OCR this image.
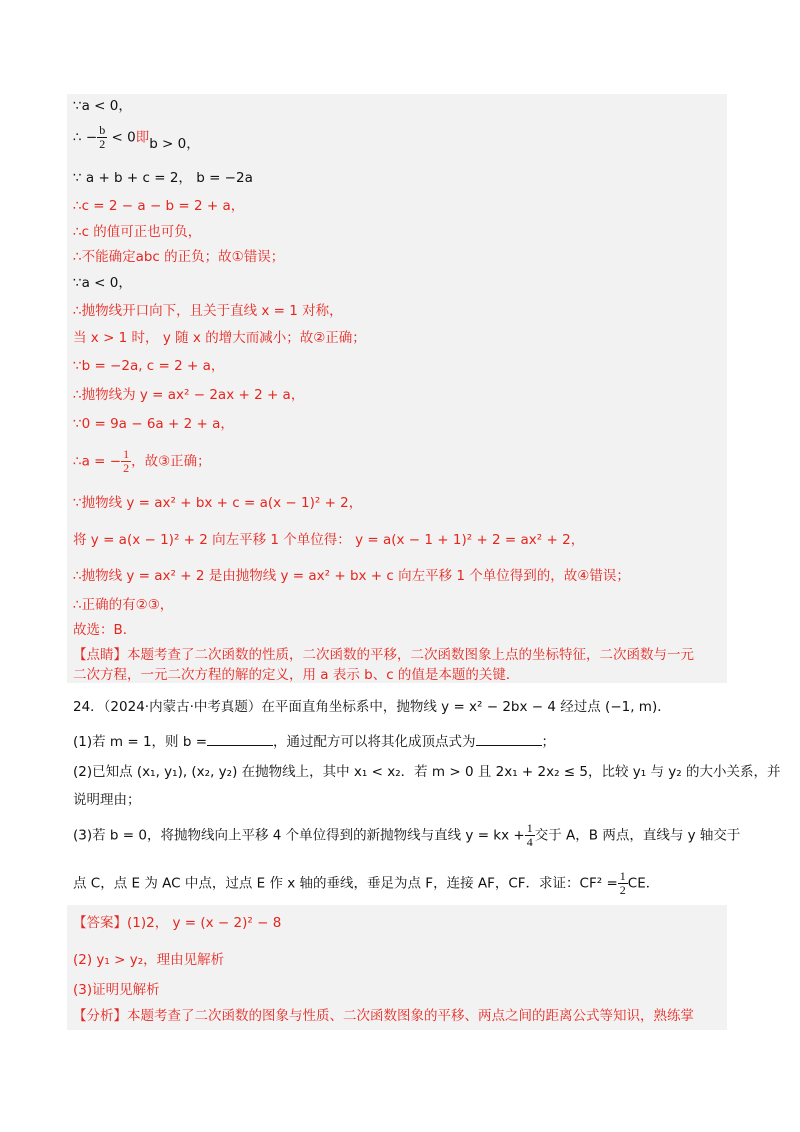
∵a < 0，
∴ − $\frac{b}{2} < 0$即b > 0，
∵ a + b + c = 2， b = −2a
∴c = 2 − a − b = 2 + a，
∴c 的值可正也可负，
∴不能确定abc 的正负；故①错误；
∵a < 0，
∴抛物线开口向下，且关于直线 x = 1 对称，
当 x > 1 时， y 随 x 的增大而减小；故②正确；
∵b = −2a, c = 2 + a，
∴抛物线为 y = ax² − 2ax + 2 + a，
∵0 = 9a − 6a + 2 + a，
∴a = − $\frac{1}{2}$ ，故③正确；
∵抛物线 y = ax² + bx + c = a(x − 1)² + 2，
将 y = a(x − 1)² + 2 向左平移 1 个单位得： y = a(x − 1 + 1)² + 2 = ax² + 2，
∴抛物线 y = ax² + 2 是由抛物线 y = ax² + bx + c 向左平移 1 个单位得到的，故④错误；
∴正确的有②③，
故选：B．
【点睛】本题考查了二次函数的性质，二次函数的平移，二次函数图象上点的坐标特征，二次函数与一元
二次方程，一元二次方程的解的定义，用 a 表示 b、c 的值是本题的关键．
24．（2024·内蒙古·中考真题）在平面直角坐标系中，抛物线 y = x² − 2bx − 4 经过点 (−1, m)．
(1)若 m = 1，则 b =	，通过配方可以将其化成顶点式为	；
(2)已知点 (x₁, y₁), (x₂, y₂) 在抛物线上，其中 x₁ < x₂．若 m > 0 且 2x₁ + 2x₂ ≤ 5，比较 y₁ 与 y₂ 的大小关系，并
说明理由；
(3)若 b = 0，将抛物线向上平移 4 个单位得到的新抛物线与直线 y = kx + $\frac{1}{4}$ 交于 A，B 两点，直线与 y 轴交于
点 C，点 E 为 AC 中点，过点 E 作 x 轴的垂线，垂足为点 F，连接 AF，CF．求证：$CF^2 = \frac{1}{2}$ CE．
【答案】(1)2， y = (x − 2)² − 8
(2) y₁ > y₂，理由见解析
(3)证明见解析
【分析】本题考查了二次函数的图象与性质、二次函数图象的平移、两点之间的距离公式等知识，熟练掌
